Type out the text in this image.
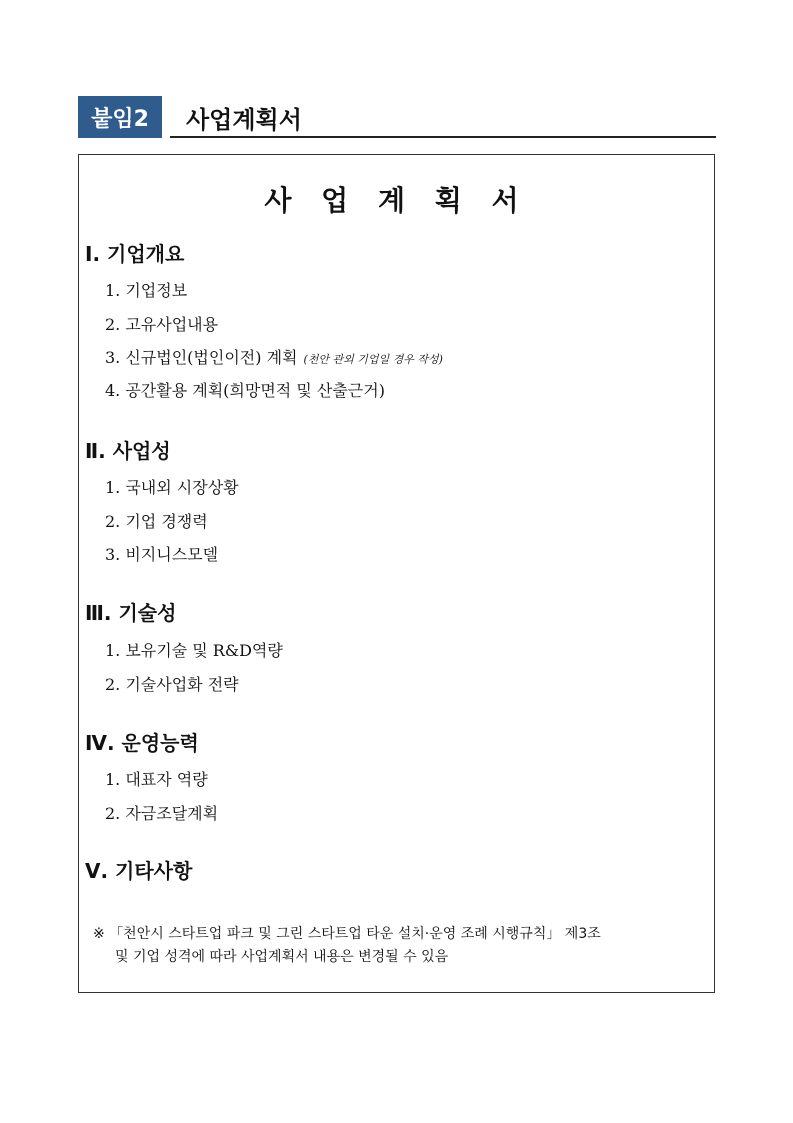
붙임2	사업계획서
사 업 계 획 서

Ⅰ. 기업개요

1. 기업정보
2. 고유사업내용
3. 신규법인(법인이전) 계획 (천안 관외 기업일 경우 작성)
4. 공간활용 계획(희망면적 및 산출근거)

Ⅱ. 사업성

1. 국내외 시장상황
2. 기업 경쟁력
3. 비지니스모델

Ⅲ. 기술성

1. 보유기술 및 R&D역량
2. 기술사업화 전략

Ⅳ. 운영능력

1. 대표자 역량
2. 자금조달계획

Ⅴ. 기타사항

※ 「천안시 스타트업 파크 및 그린 스타트업 타운 설치·운영 조례 시행규칙」 제3조
및 기업 성격에 따라 사업계획서 내용은 변경될 수 있음
